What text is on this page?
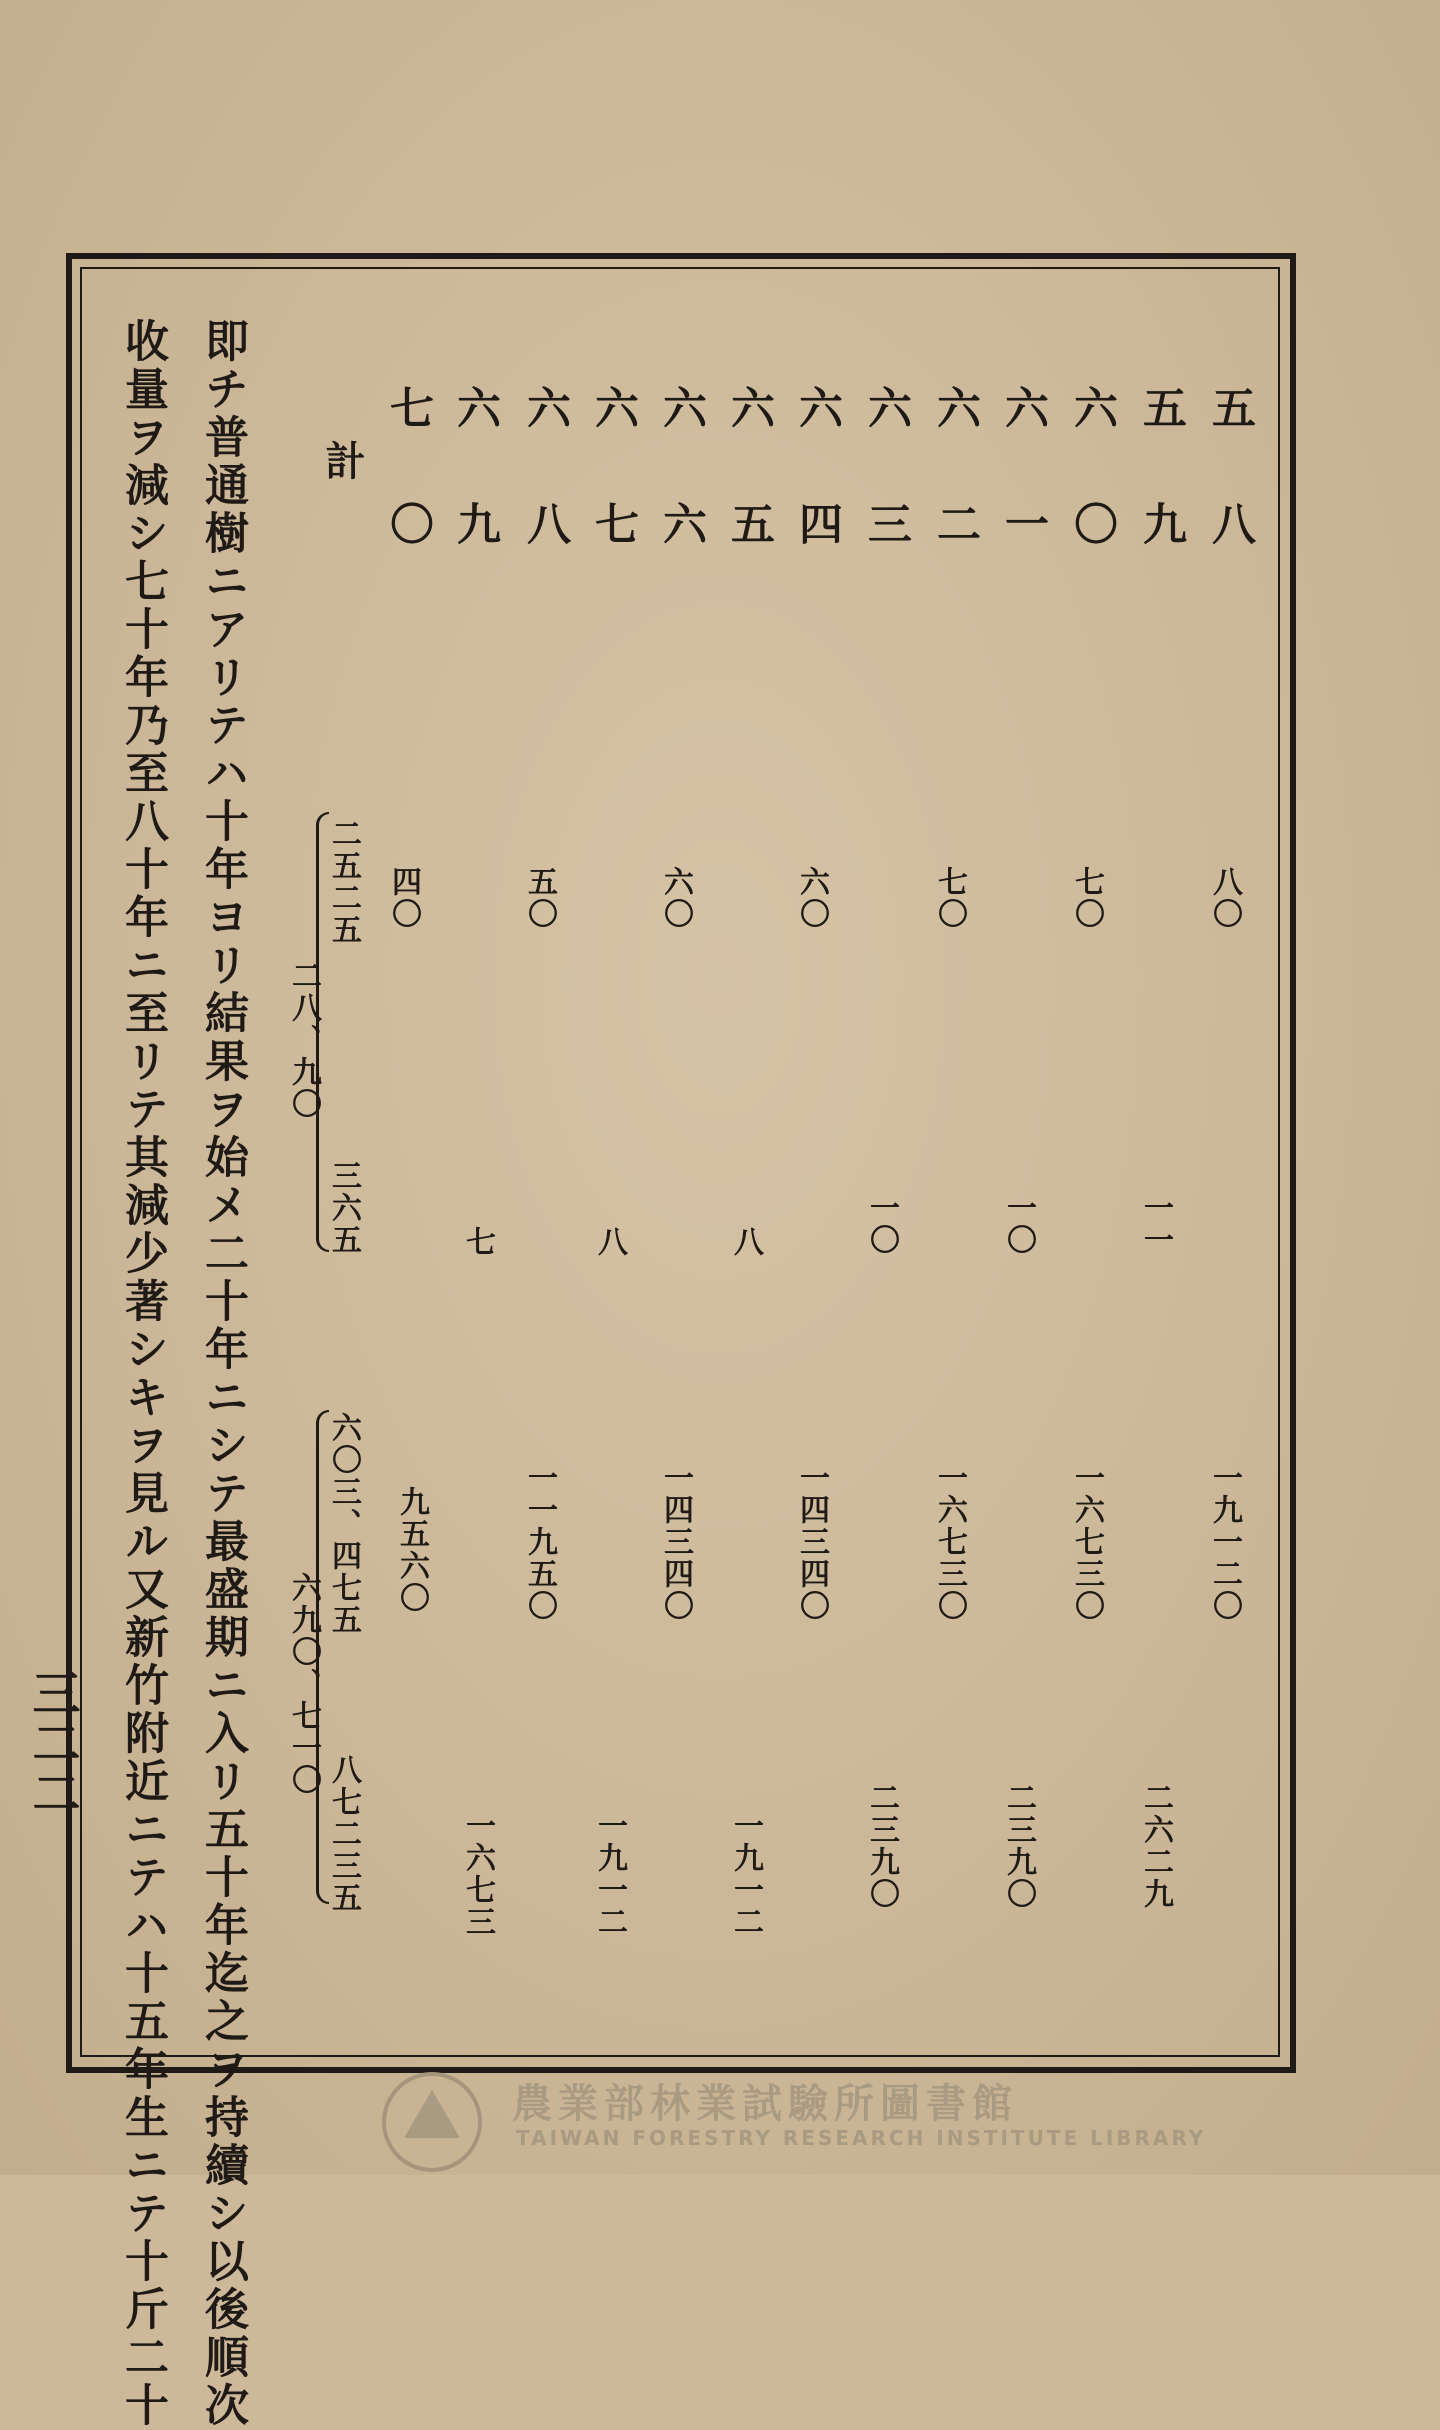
五八
五九
六〇
六一
六二
六三
六四
六五
六六
六七
六八
六九
七〇
八〇
七〇
七〇
六〇
六〇
五〇
四〇
一一
一〇
一〇
八
八
七
一九一二〇
一六七三〇
一六七三〇
一四三四〇
一四三四〇
一一九五〇
九五六〇
二六二九
二三九〇
二三九〇
一九一二
一九一二
一六七三
計
二五二五
三六五
二八、九〇
六〇三、四七五
八七二三五
六九〇、七一〇
即チ普通樹ニアリテハ十年ヨリ結果ヲ始メ二十年ニシテ最盛期ニ入リ五十年迄之ヲ持續シ以後順次
收量ヲ減シ七十年乃至八十年ニ至リテ其減少著シキヲ見ル又新竹附近ニテハ十五年生ニテ十斤二十
三二二
農業部林業試驗所圖書館
TAIWAN FORESTRY RESEARCH INSTITUTE LIBRARY
